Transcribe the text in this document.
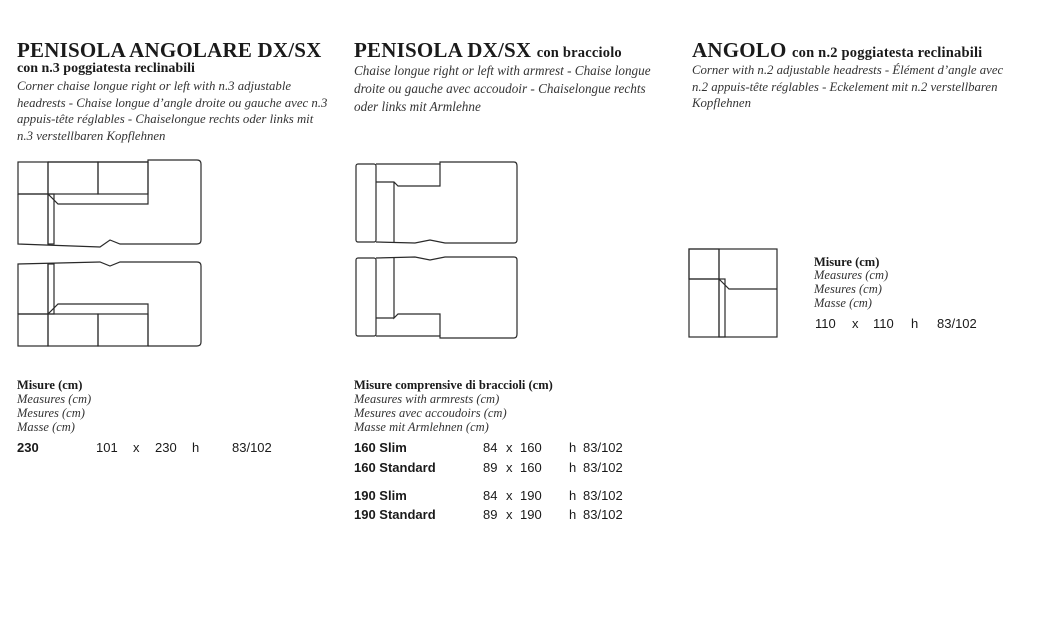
PENISOLA ANGOLARE DX/SX
con n.3 poggiatesta reclinabili
Corner chaise longue right or left with n.3 adjustable
headrests - Chaise longue d’angle droite ou gauche avec n.3
appuis-tête réglables - Chaiselongue rechts oder links mit
n.3 verstellbaren Kopflehnen
Misure (cm)
Measures (cm)
Mesures (cm)
Masse (cm)
230	101 x 230 h	83/102
PENISOLA DX/SX con bracciolo
Chaise longue right or left with armrest - Chaise longue
droite ou gauche avec accoudoir - Chaiselongue rechts
oder links mit Armlehne
Misure comprensive di braccioli (cm)
Measures with armrests (cm)
Mesures avec accoudoirs (cm)
Masse mit Armlehnen (cm)
160 Slim	84 x 160 h 83/102
160 Standard	89 x 160 h 83/102
190 Slim	84 x 190 h 83/102
190 Standard	89 x 190 h 83/102
ANGOLO con n.2 poggiatesta reclinabili
Corner with n.2 adjustable headrests - Élément d’angle avec
n.2 appuis-tête réglables - Eckelement mit n.2 verstellbaren
Kopflehnen
Misure (cm)
Measures (cm)
Mesures (cm)
Masse (cm)
110 x 110 h 83/102
